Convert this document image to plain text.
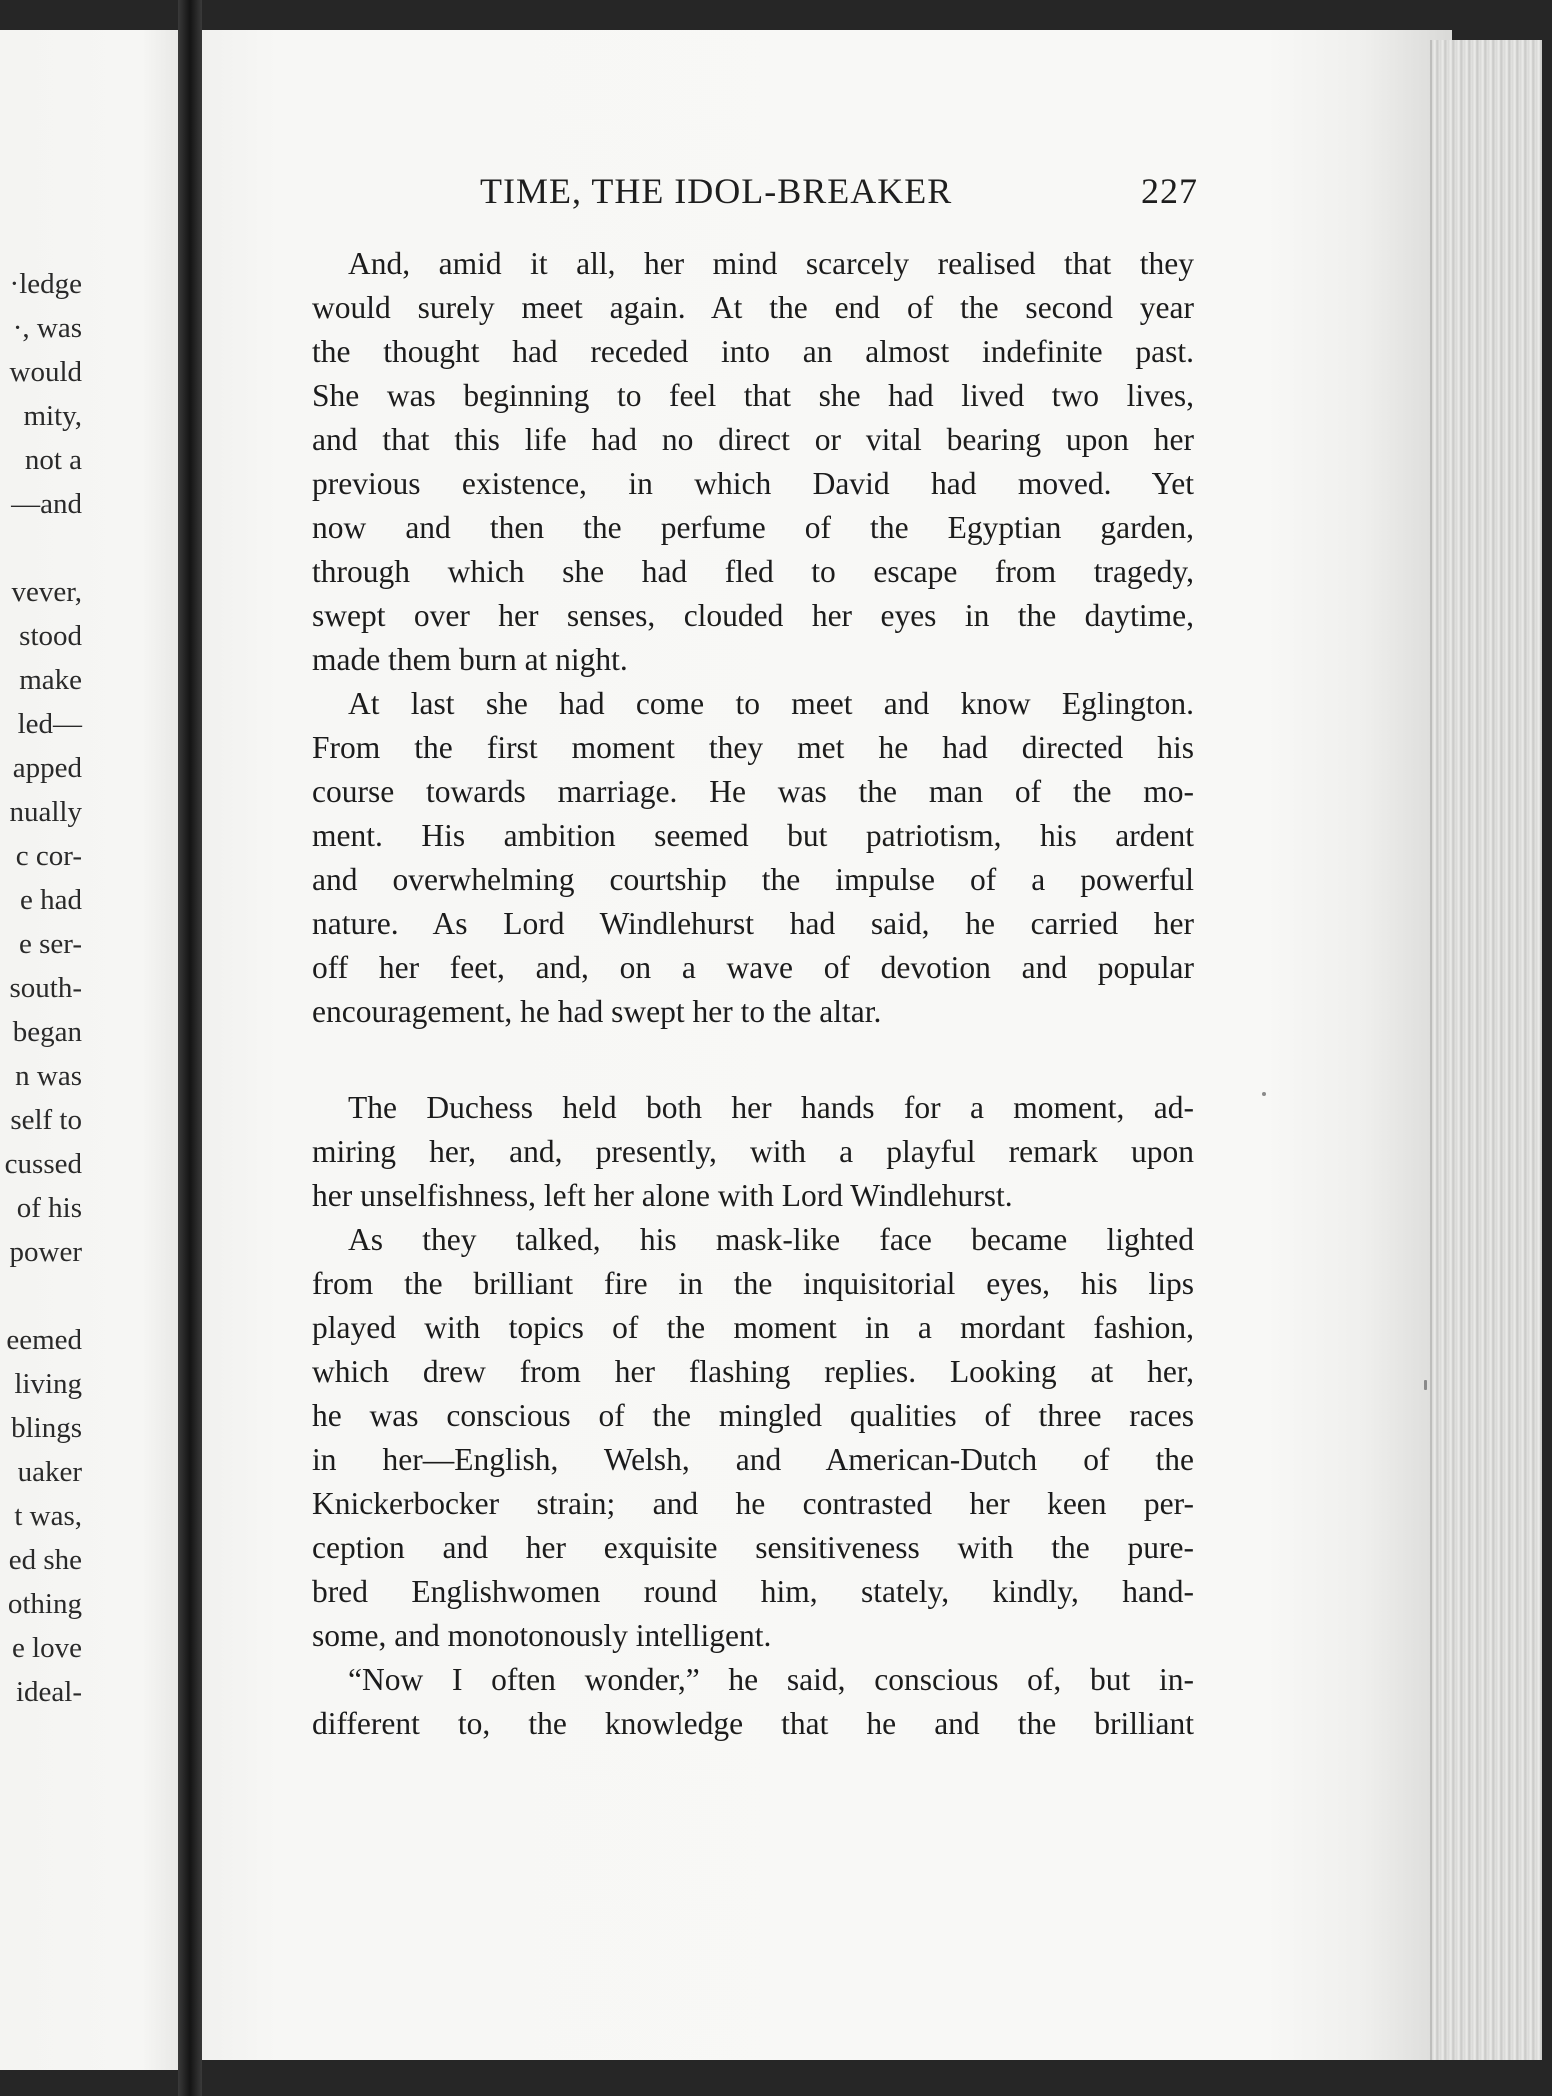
·ledge
·, was
would
mity,
not a
—and
vever,
stood
make
led—
apped
nually
c cor-
e had
e ser-
south-
began
n was
self to
cussed
of his
power
eemed
living
blings
uaker
t was,
ed she
othing
e love
ideal-
TIME, THE IDOL-BREAKER	227
And, amid it all, her mind scarcely realised that they
would surely meet again. At the end of the second year
the thought had receded into an almost indefinite past.
She was beginning to feel that she had lived two lives,
and that this life had no direct or vital bearing upon her
previous existence, in which David had moved. Yet
now and then the perfume of the Egyptian garden,
through which she had fled to escape from tragedy,
swept over her senses, clouded her eyes in the daytime,
made them burn at night.
At last she had come to meet and know Eglington.
From the first moment they met he had directed his
course towards marriage. He was the man of the mo-
ment. His ambition seemed but patriotism, his ardent
and overwhelming courtship the impulse of a powerful
nature. As Lord Windlehurst had said, he carried her
off her feet, and, on a wave of devotion and popular
encouragement, he had swept her to the altar.
The Duchess held both her hands for a moment, ad-
miring her, and, presently, with a playful remark upon
her unselfishness, left her alone with Lord Windlehurst.
As they talked, his mask-like face became lighted
from the brilliant fire in the inquisitorial eyes, his lips
played with topics of the moment in a mordant fashion,
which drew from her flashing replies. Looking at her,
he was conscious of the mingled qualities of three races
in her—English, Welsh, and American-Dutch of the
Knickerbocker strain; and he contrasted her keen per-
ception and her exquisite sensitiveness with the pure-
bred Englishwomen round him, stately, kindly, hand-
some, and monotonously intelligent.
“Now I often wonder,” he said, conscious of, but in-
different to, the knowledge that he and the brilliant
